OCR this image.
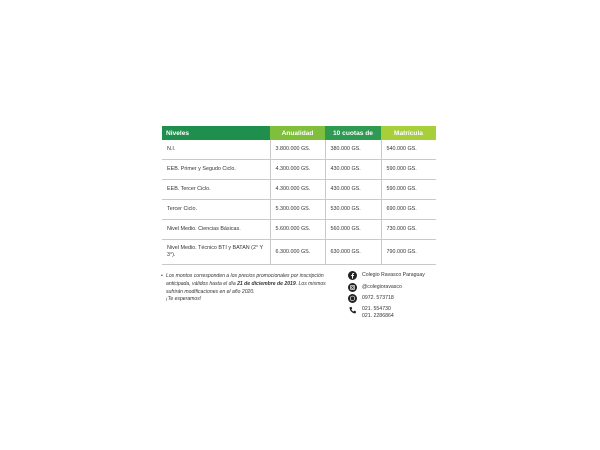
Niveles	Anualidad	10 cuotas de	Matrícula
N.I.	3.800.000 GS.	380.000 GS.	540.000 GS.
EEB. Primer y Segudo Ciclo.	4.300.000 GS.	430.000 GS.	590.000 GS.
EEB. Tercer Ciclo.	4.300.000 GS.	430.000 GS.	590.000 GS.
Tercer Ciclo.	5.300.000 GS.	530.000 GS.	690.000 GS.
Nivel Medio. Ciencias Básicas.	5.600.000 GS.	560.000 GS.	730.000 GS.
Nivel Medio. Técnico BTI y BATAN (2° Y 3°).	6.300.000 GS.	630.000 GS.	790.000 GS.
• Los montos corresponden a los precios promocionales por inscripción anticipada, válidos hasta el día 21 de diciembre de 2019. Los mismos sufrirán modificaciones en el año 2020.
¡Te esperamos!
Colegio Ravasco Paraguay
@colegioravasco
0972. 573718
021. 554730
021. 2286864
